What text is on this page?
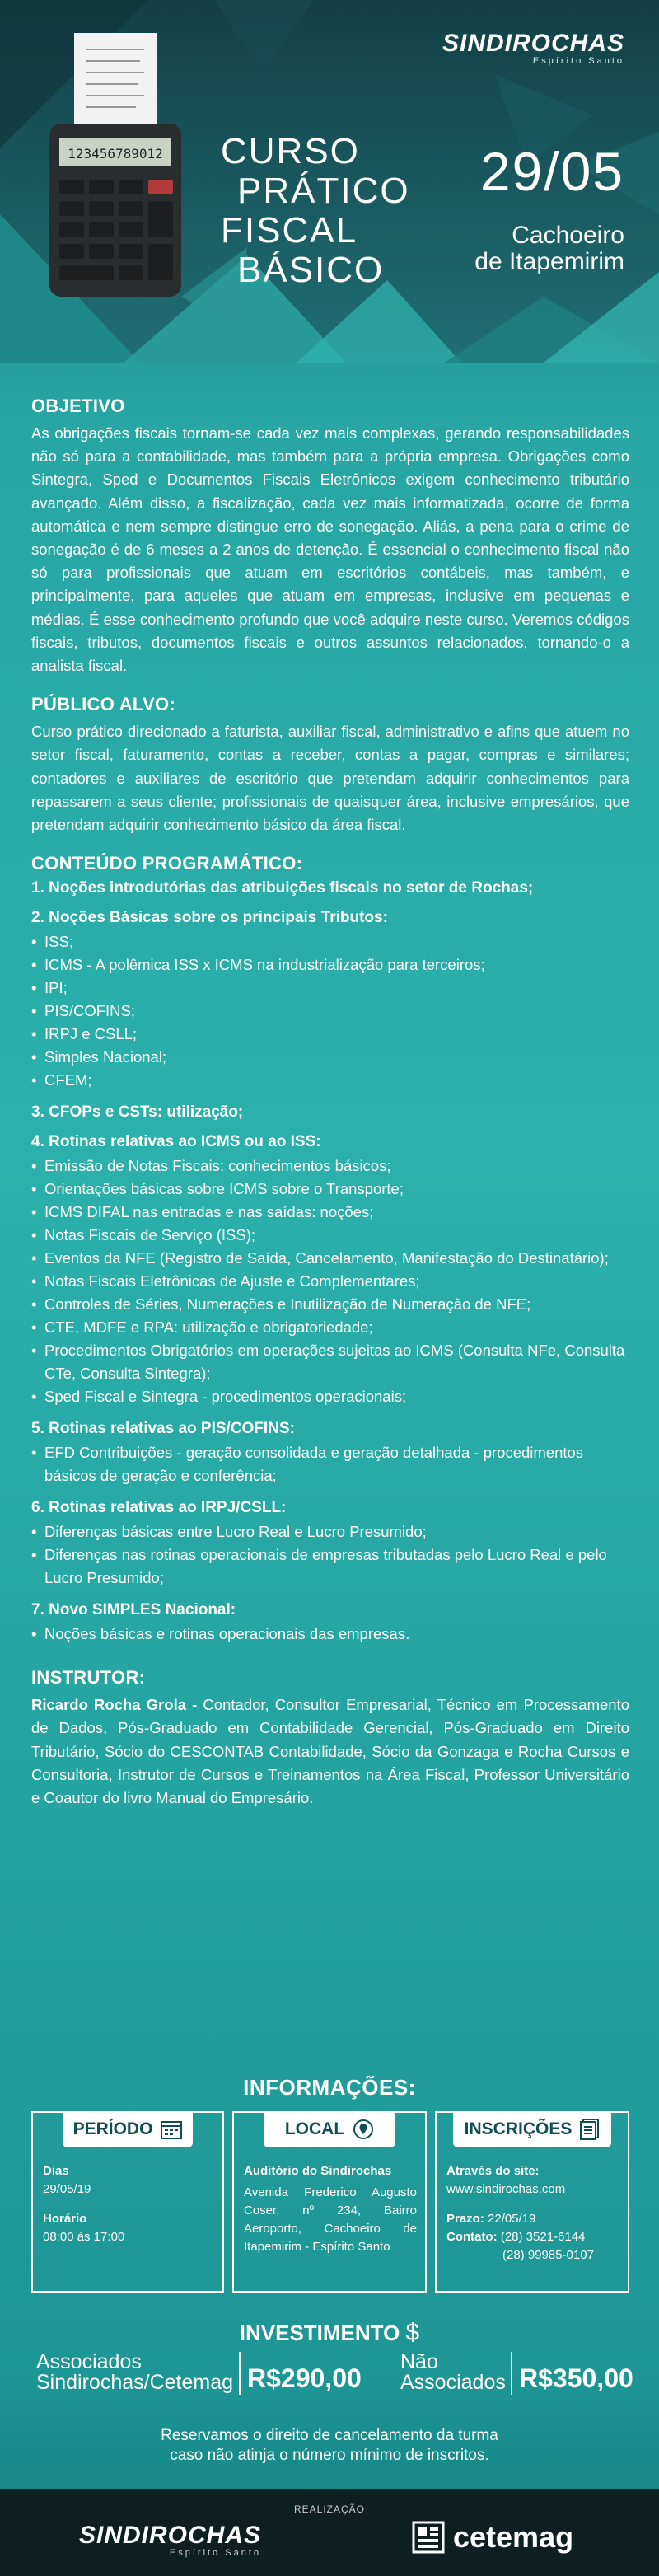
123456789012
SINDIROCHAS
Espírito Santo
CURSO
PRÁTICO
FISCAL
BÁSICO
29/05
Cachoeiro
de Itapemirim
OBJETIVO
As obrigações fiscais tornam-se cada vez mais complexas, gerando responsabilidades não só para a contabilidade, mas também para a própria empresa. Obrigações como Sintegra, Sped e Documentos Fiscais Eletrônicos exigem conhecimento tributário avançado. Além disso, a fiscalização, cada vez mais informatizada, ocorre de forma automática e nem sempre distingue erro de sonegação. Aliás, a pena para o crime de sonegação é de 6 meses a 2 anos de detenção. É essencial o conhecimento fiscal não só para profissionais que atuam em escritórios contábeis, mas também, e principalmente, para aqueles que atuam em empresas, inclusive em pequenas e médias. É esse conhecimento profundo que você adquire neste curso. Veremos códigos fiscais, tributos, documentos fiscais e outros assuntos relacionados, tornando-o a analista fiscal.
PÚBLICO ALVO:
Curso prático direcionado a faturista, auxiliar fiscal, administrativo e afins que atuem no setor fiscal, faturamento, contas a receber, contas a pagar, compras e similares; contadores e auxiliares de escritório que pretendam adquirir conhecimentos para repassarem a seus cliente; profissionais de quaisquer área, inclusive empresários, que pretendam adquirir conhecimento básico da área fiscal.
CONTEÚDO PROGRAMÁTICO:
1. Noções introdutórias das atribuições fiscais no setor de Rochas;
2. Noções Básicas sobre os principais Tributos:
• ISS;
• ICMS - A polêmica ISS x ICMS na industrialização para terceiros;
• IPI;
• PIS/COFINS;
• IRPJ e CSLL;
• Simples Nacional;
• CFEM;
3. CFOPs e CSTs: utilização;
4. Rotinas relativas ao ICMS ou ao ISS:
• Emissão de Notas Fiscais: conhecimentos básicos;
• Orientações básicas sobre ICMS sobre o Transporte;
• ICMS DIFAL nas entradas e nas saídas: noções;
• Notas Fiscais de Serviço (ISS);
• Eventos da NFE (Registro de Saída, Cancelamento, Manifestação do Destinatário);
• Notas Fiscais Eletrônicas de Ajuste e Complementares;
• Controles de Séries, Numerações e Inutilização de Numeração de NFE;
• CTE, MDFE e RPA: utilização e obrigatoriedade;
• Procedimentos Obrigatórios em operações sujeitas ao ICMS (Consulta NFe, Consulta CTe, Consulta Sintegra);
• Sped Fiscal e Sintegra - procedimentos operacionais;
5. Rotinas relativas ao PIS/COFINS:
• EFD Contribuições - geração consolidada e geração detalhada - procedimentos básicos de geração e conferência;
6. Rotinas relativas ao IRPJ/CSLL:
• Diferenças básicas entre Lucro Real e Lucro Presumido;
• Diferenças nas rotinas operacionais de empresas tributadas pelo Lucro Real e pelo Lucro Presumido;
7. Novo SIMPLES Nacional:
• Noções básicas e rotinas operacionais das empresas.
INSTRUTOR:
Ricardo Rocha Grola - Contador, Consultor Empresarial, Técnico em Processamento de Dados, Pós-Graduado em Contabilidade Gerencial, Pós-Graduado em Direito Tributário, Sócio do CESCONTAB Contabilidade, Sócio da Gonzaga e Rocha Cursos e Consultoria, Instrutor de Cursos e Treinamentos na Área Fiscal, Professor Universitário e Coautor do livro Manual do Empresário.
INFORMAÇÕES:
PERÍODO
Dias
29/05/19
Horário
08:00 às 17:00
LOCAL
Auditório do Sindirochas
Avenida Frederico Augusto Coser, nº 234, Bairro Aeroporto, Cachoeiro de Itapemirim - Espírito Santo
INSCRIÇÕES
Através do site:
www.sindirochas.com
Prazo: 22/05/19
Contato: (28) 3521-6144
(28) 99985-0107
INVESTIMENTO $
Associados
Sindirochas/Cetemag R$290,00
Não
Associados R$350,00
Reservamos o direito de cancelamento da turma
caso não atinja o número mínimo de inscritos.
REALIZAÇÃO
SINDIROCHAS
Espírito Santo	cetemag
